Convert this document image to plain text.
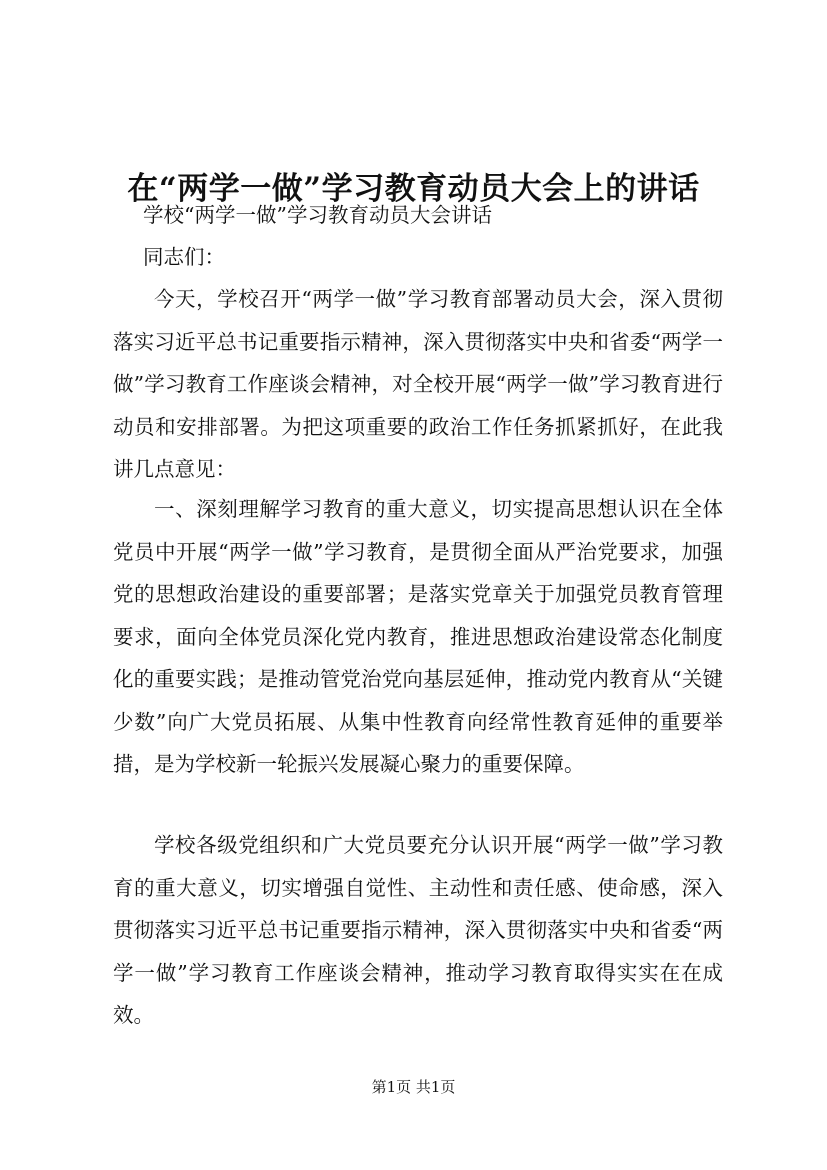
在“两学一做”学习教育动员大会上的讲话
学校“两学一做”学习教育动员大会讲话
同志们：

今天，学校召开“两学一做”学习教育部署动员大会，深入贯彻落实习近平总书记重要指示精神，深入贯彻落实中央和省委“两学一做”学习教育工作座谈会精神，对全校开展“两学一做”学习教育进行动员和安排部署。为把这项重要的政治工作任务抓紧抓好，在此我讲几点意见：

一、深刻理解学习教育的重大意义，切实提高思想认识在全体党员中开展“两学一做”学习教育，是贯彻全面从严治党要求，加强党的思想政治建设的重要部署；是落实党章关于加强党员教育管理要求，面向全体党员深化党内教育，推进思想政治建设常态化制度化的重要实践；是推动管党治党向基层延伸，推动党内教育从“关键少数”向广大党员拓展、从集中性教育向经常性教育延伸的重要举措，是为学校新一轮振兴发展凝心聚力的重要保障。

学校各级党组织和广大党员要充分认识开展“两学一做”学习教育的重大意义，切实增强自觉性、主动性和责任感、使命感，深入贯彻落实习近平总书记重要指示精神，深入贯彻落实中央和省委“两学一做”学习教育工作座谈会精神，推动学习教育取得实实在在成效。

第1页 共1页
